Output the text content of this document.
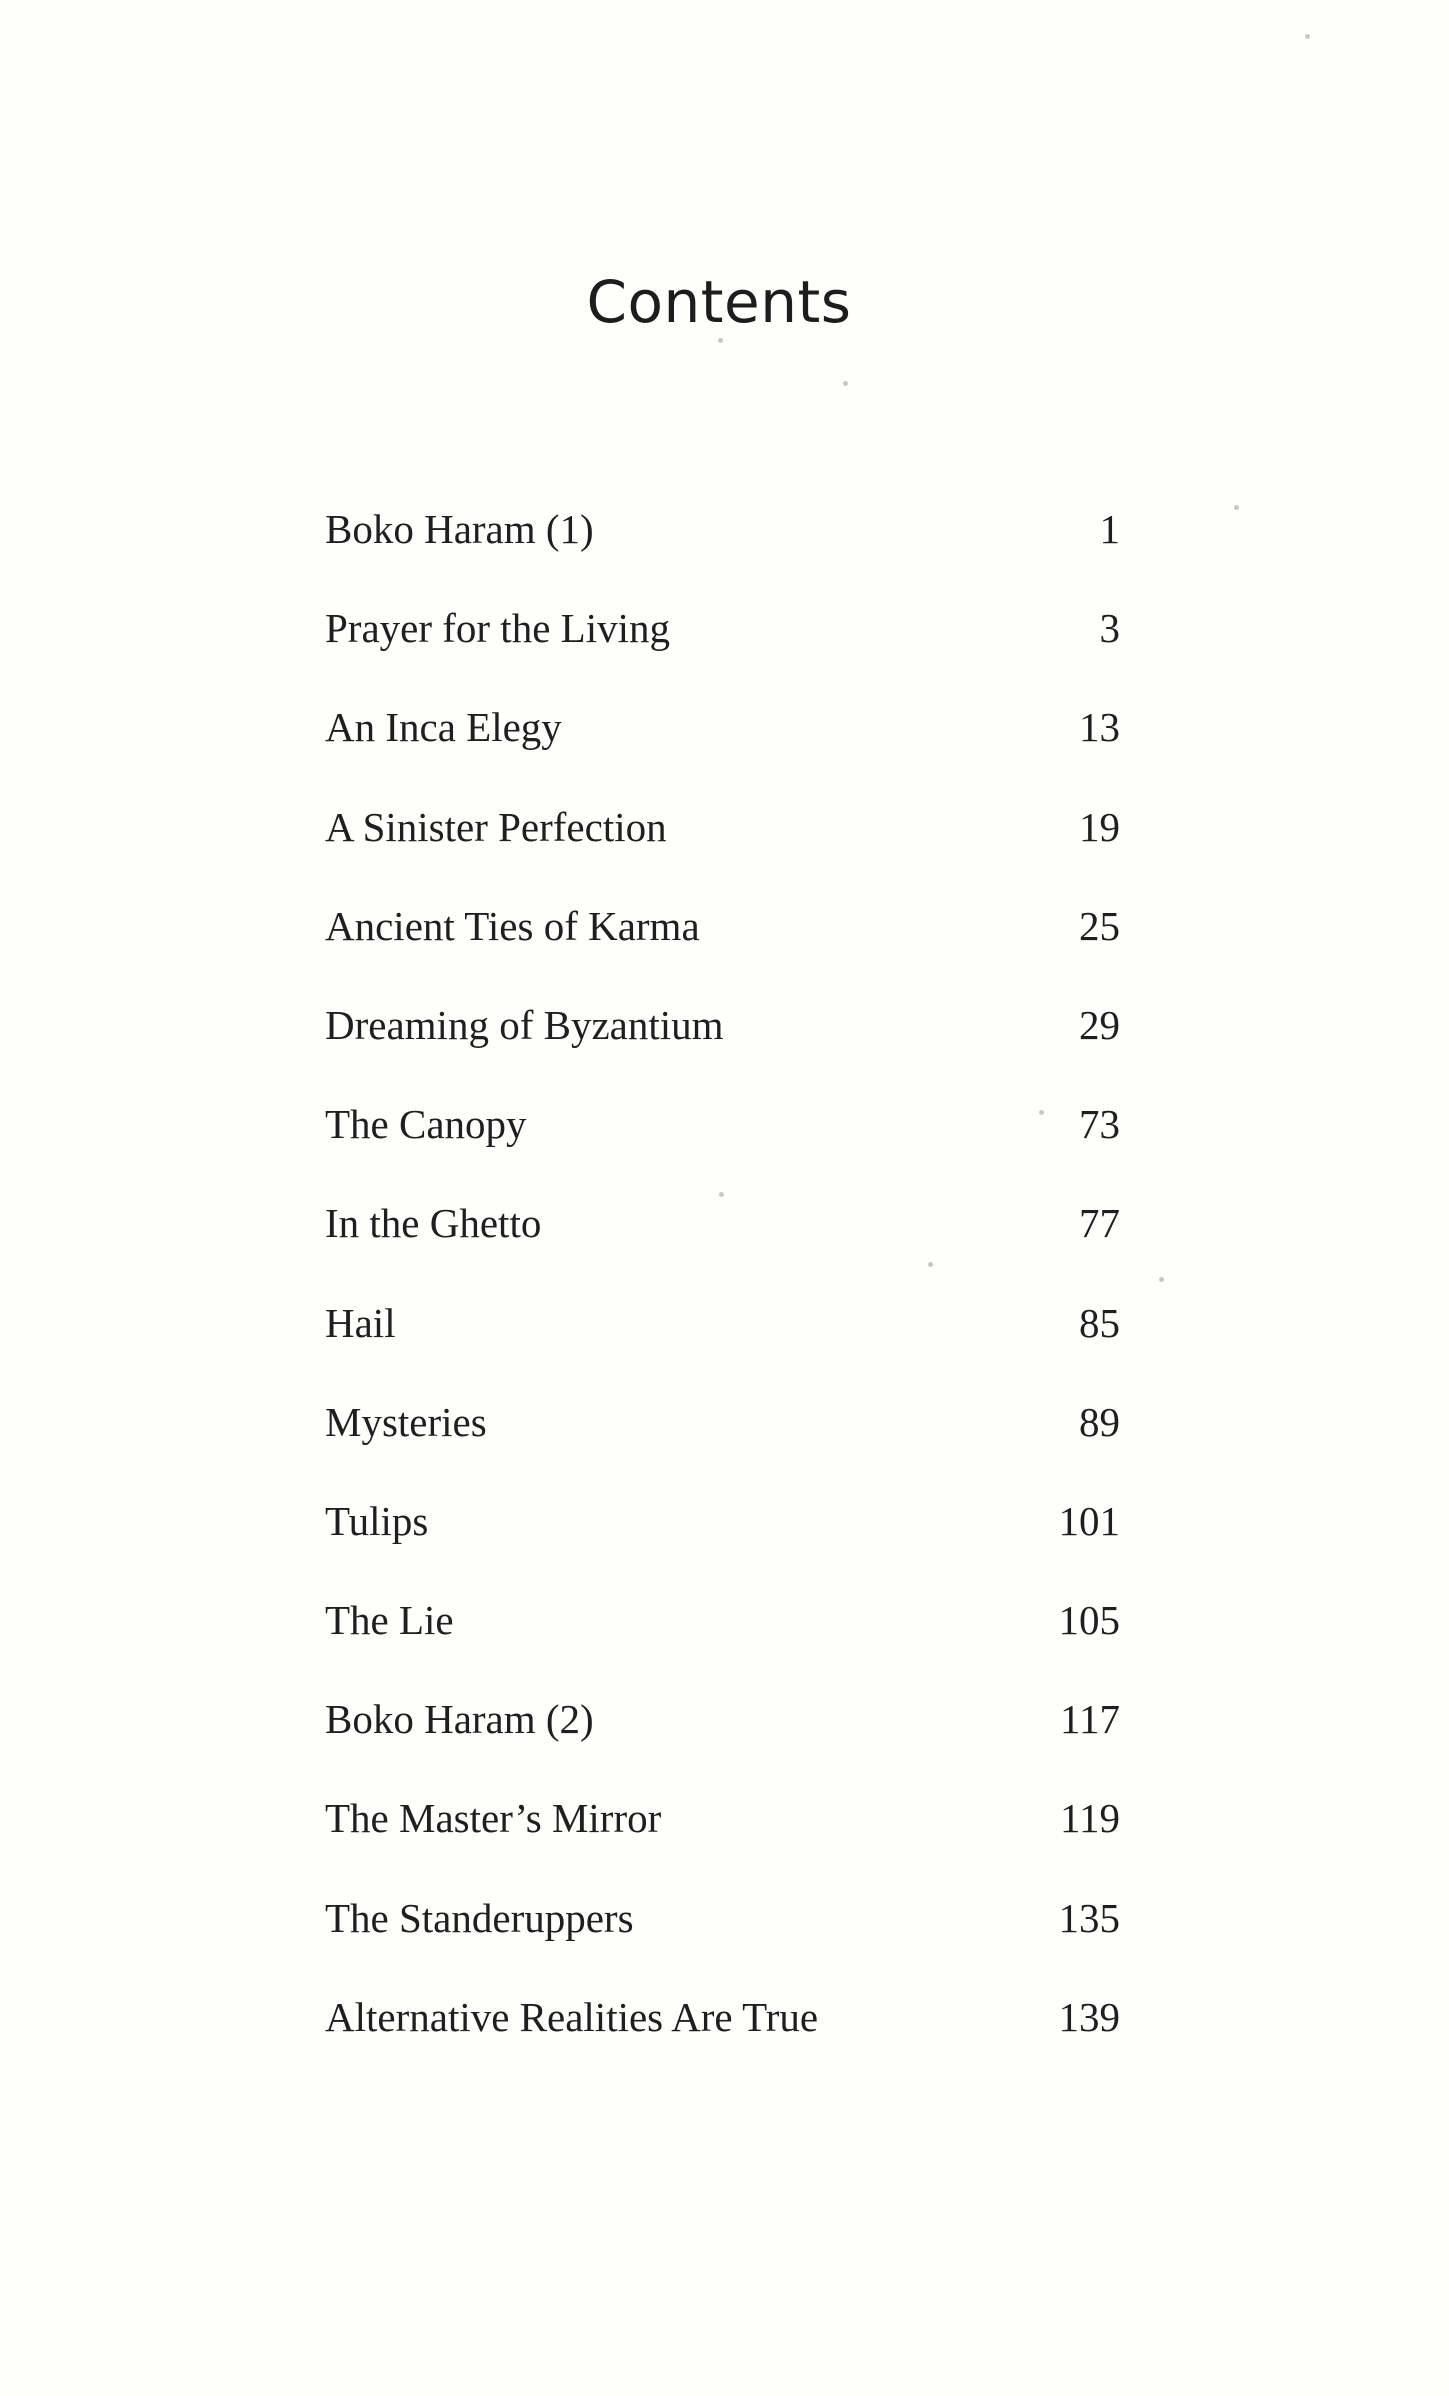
Contents
Boko Haram (1)	1
Prayer for the Living	3
An Inca Elegy	13
A Sinister Perfection	19
Ancient Ties of Karma	25
Dreaming of Byzantium	29
The Canopy	73
In the Ghetto	77
Hail	85
Mysteries	89
Tulips	101
The Lie	105
Boko Haram (2)	117
The Master’s Mirror	119
The Standeruppers	135
Alternative Realities Are True	139
